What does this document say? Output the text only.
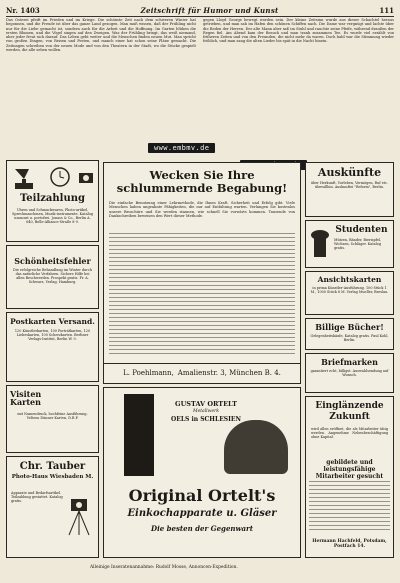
Nr. 1403	Zeitschrift für Humor und Kunst	111
Das Osterei pfeift im Frieden und im Kriege. Die schönste Zeit nach dem schweren Winter hat begonnen, und die Freude ist über das ganze Land gezogen. Man muß wissen, daß der Frühling nicht nur für die Liebe gemacht ist, sondern auch für die Arbeit und die Hoffnung. Im Garten blühen die ersten Blumen, und die Vögel singen auf den Zweigen. Was der Frühling bringt, das weiß niemand, aber jeder freut sich darauf. Das Leben geht weiter und die Menschen finden neuen Mut. Man spricht von großen Dingen, von Reisen und Festen, und manch einer hat schon seine Pläne gemacht. Die Zeitungen schreiben von der neuen Mode und von den Theatern in der Stadt, wo die Stücke gespielt werden, die alle sehen wollen.
gegen Lloyd George bewegt worden sein. Der kleine Zeitsinn wurde aus dieser Schachtel heraus getrieben, und man sah im Hafen den schönen Schiffen nach. Die Dame war vergnügt und lachte über die Reden der Herren. Der alte Mann aber saß im Stuhl und rauchte seine Pfeife, während draußen der Regen fiel. Am Abend kam der Besuch und man trank zusammen Tee. Es wurde viel erzählt von früheren Zeiten und von den Freunden, die nicht mehr da waren. Doch bald war die Stimmung wieder fröhlich, und man sang die alten Lieder bis spät in die Nacht hinein.
www.embmv.de
Teilzahlung
Uhren und Schmuckwaren, Photo-artikel, Sprechmaschinen, Musik-instrumente. Katalog umsonst u. portofrei. Jonass & Co., Berlin A. 640, Belle-Alliance-Straße 8-9.
Schönheitsfehler
Die erfolgreiche Behandlung im Winter durch das natürliche Verfahren. Sichere Hilfe bei allen Beschwerden. Prospekt gratis. Fr. A. Schwarz, Verlag, Hamburg.
Postkarten Versand.
120 Künstlerkarten, 100 Porträtkarten, 120 Liebeskarten, 100 Scherzkarten. Berliner Verlags-Institut, Berlin W. 9.
Visiten Karten
mit Namendruck, hochfeine Ausführung. Veltens Dünner Karten, D.R.P.
Chr. Tauber
Photo-Haus Wiesbaden M.
Apparate und Bedarfsartikel. Teilzahlung gestattet. Katalog gratis.
Wecken Sie Ihre schlummernde Begabung!
Die einfache Benutzung einer Lehrmethode, die Ihnen Kraft, Sicherheit und Erfolg gibt. Viele Menschen haben ungeahnte Fähigkeiten, die nur auf Entfaltung warten. Verlangen Sie kostenlos unsere Broschüre und Sie werden staunen, wie schnell Sie vorwärts kommen. Tausende von Dankschreiben beweisen den Wert dieser Methode.
L. Poehlmann, Amalienstr. 3, München B. 4.
GUSTAV ORTELT
Metallwerk
OELS in SCHLESIEN
Original Ortelt's
Einkochapparate u. Gläser
Die besten der Gegenwart
Auskünfte
über Herkunft, Vorleben, Vermögen, Ruf etc. überallhin. Auskunftei "Reform", Berlin.
Studenten
Mützen, Bänder, Bierzipfel, Wichsen, Schläger. Katalog gratis.
Ansichtskarten
in prima Künstler-Ausführung. 100 Stück 1 M., 1000 Stück 8 M. Verlag Mueller, Breslau.
Billige Bücher!
Gelegenheitskäufe, Katalog gratis. Paul Kohl, Berlin.
Briefmarken
garantiert echt, billigst. Auswahlsendung auf Wunsch.
Einglänzende Zukunft
wird allen eröffnet, die als Mitarbeiter tätig werden. Angenehme Nebenbeschäftigung ohne Kapital.
gebildete und leistungsfähige Mitarbeiter gesucht
Hermann Hachfeld, Potsdam, Postfach 14.
Alleinige Inseratenannahme: Rudolf Mosse, Annoncen-Expedition.
